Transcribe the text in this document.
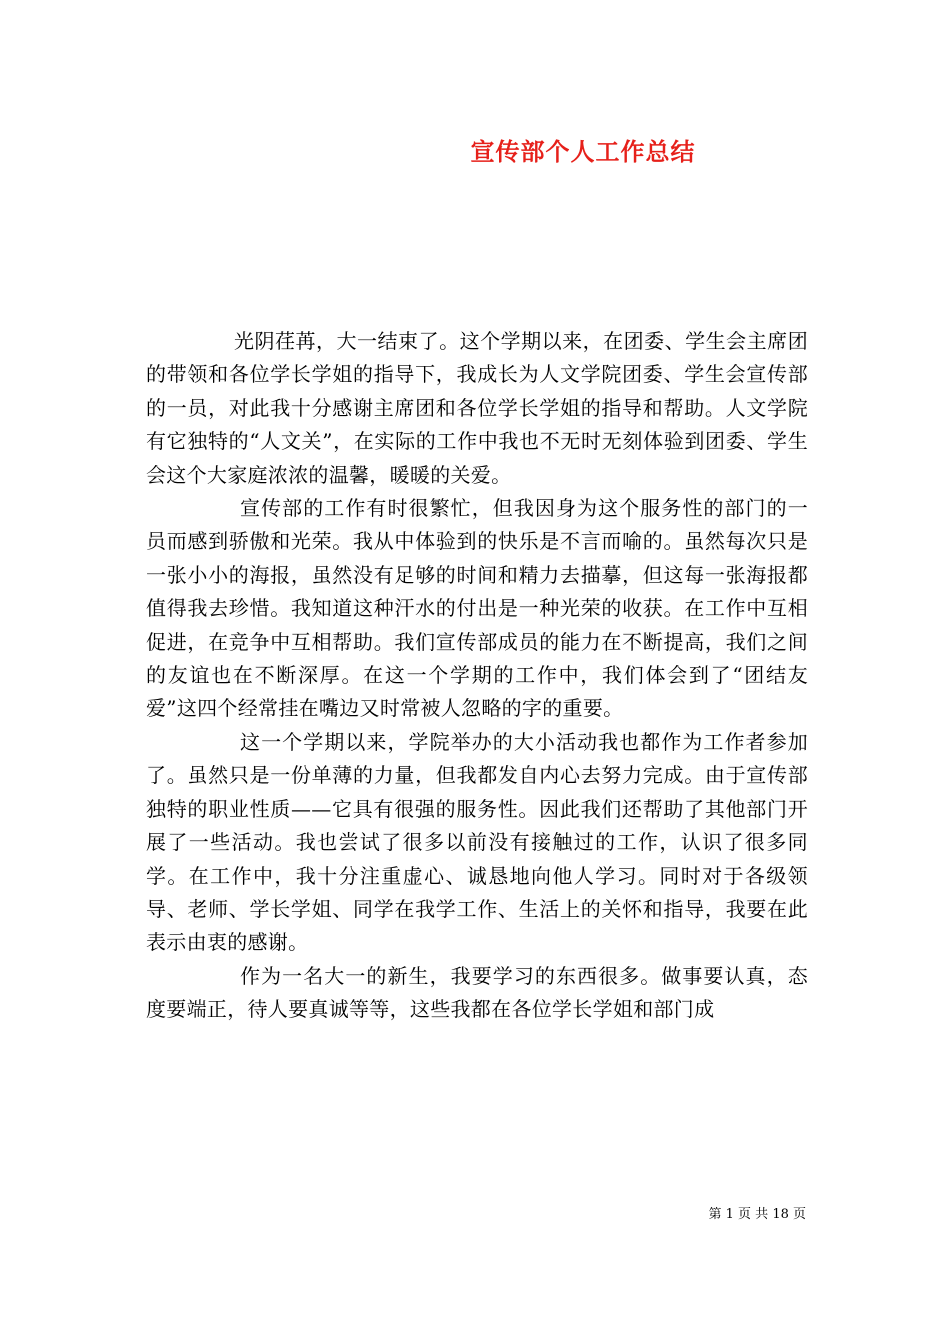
宣传部个人工作总结

光阴荏苒，大一结束了。这个学期以来，在团委、学生会主席团的带领和各位学长学姐的指导下，我成长为人文学院团委、学生会宣传部的一员，对此我十分感谢主席团和各位学长学姐的指导和帮助。人文学院有它独特的“人文关”，在实际的工作中我也不无时无刻体验到团委、学生会这个大家庭浓浓的温馨，暖暖的关爱。

宣传部的工作有时很繁忙，但我因身为这个服务性的部门的一员而感到骄傲和光荣。我从中体验到的快乐是不言而喻的。虽然每次只是一张小小的海报，虽然没有足够的时间和精力去描摹，但这每一张海报都值得我去珍惜。我知道这种汗水的付出是一种光荣的收获。在工作中互相促进，在竞争中互相帮助。我们宣传部成员的能力在不断提高，我们之间的友谊也在不断深厚。在这一个学期的工作中，我们体会到了“团结友爱”这四个经常挂在嘴边又时常被人忽略的字的重要。

这一个学期以来，学院举办的大小活动我也都作为工作者参加了。虽然只是一份单薄的力量，但我都发自内心去努力完成。由于宣传部独特的职业性质——它具有很强的服务性。因此我们还帮助了其他部门开展了一些活动。我也尝试了很多以前没有接触过的工作，认识了很多同学。在工作中，我十分注重虚心、诚恳地向他人学习。同时对于各级领导、老师、学长学姐、同学在我学工作、生活上的关怀和指导，我要在此表示由衷的感谢。

作为一名大一的新生，我要学习的东西很多。做事要认真，态度要端正，待人要真诚等等，这些我都在各位学长学姐和部门成

第 1 页 共 18 页
